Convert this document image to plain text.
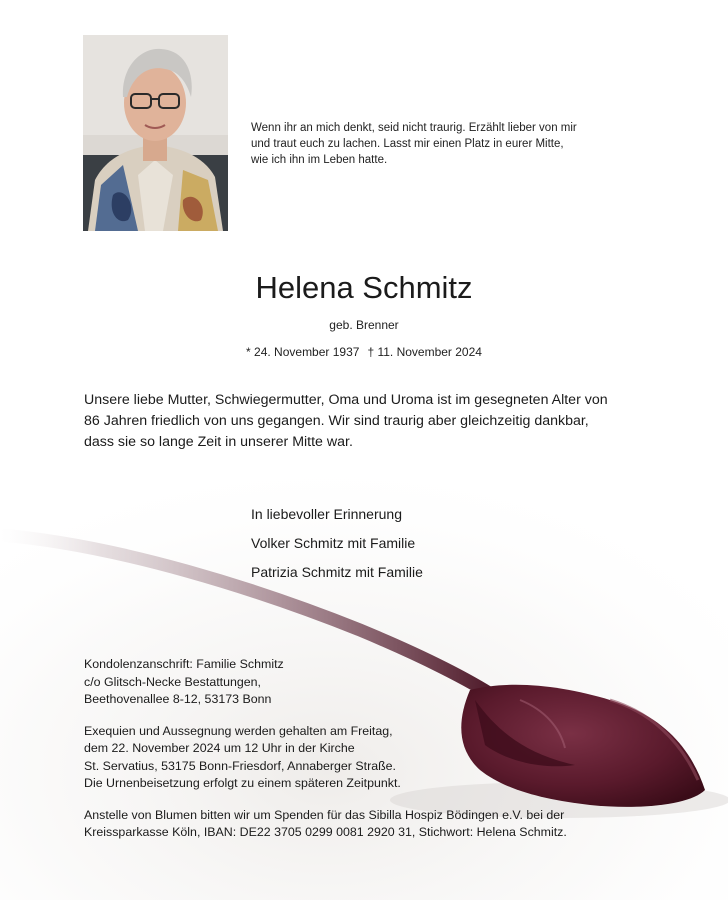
Wenn ihr an mich denkt, seid nicht traurig. Erzählt lieber von mir
und traut euch zu lachen. Lasst mir einen Platz in eurer Mitte,
wie ich ihn im Leben hatte.
Helena Schmitz
geb. Brenner
* 24. November 1937 † 11. November 2024
Unsere liebe Mutter, Schwiegermutter, Oma und Uroma ist im gesegneten Alter von
86 Jahren friedlich von uns gegangen. Wir sind traurig aber gleichzeitig dankbar,
dass sie so lange Zeit in unserer Mitte war.
In liebevoller Erinnerung
Volker Schmitz mit Familie
Patrizia Schmitz mit Familie

Kondolenzanschrift: Familie Schmitz
c/o Glitsch-Necke Bestattungen,
Beethovenallee 8-12, 53173 Bonn

Exequien und Aussegnung werden gehalten am Freitag,
dem 22. November 2024 um 12 Uhr in der Kirche
St. Servatius, 53175 Bonn-Friesdorf, Annaberger Straße.
Die Urnenbeisetzung erfolgt zu einem späteren Zeitpunkt.

Anstelle von Blumen bitten wir um Spenden für das Sibilla Hospiz Bödingen e.V. bei der
Kreissparkasse Köln, IBAN: DE22 3705 0299 0081 2920 31, Stichwort: Helena Schmitz.
